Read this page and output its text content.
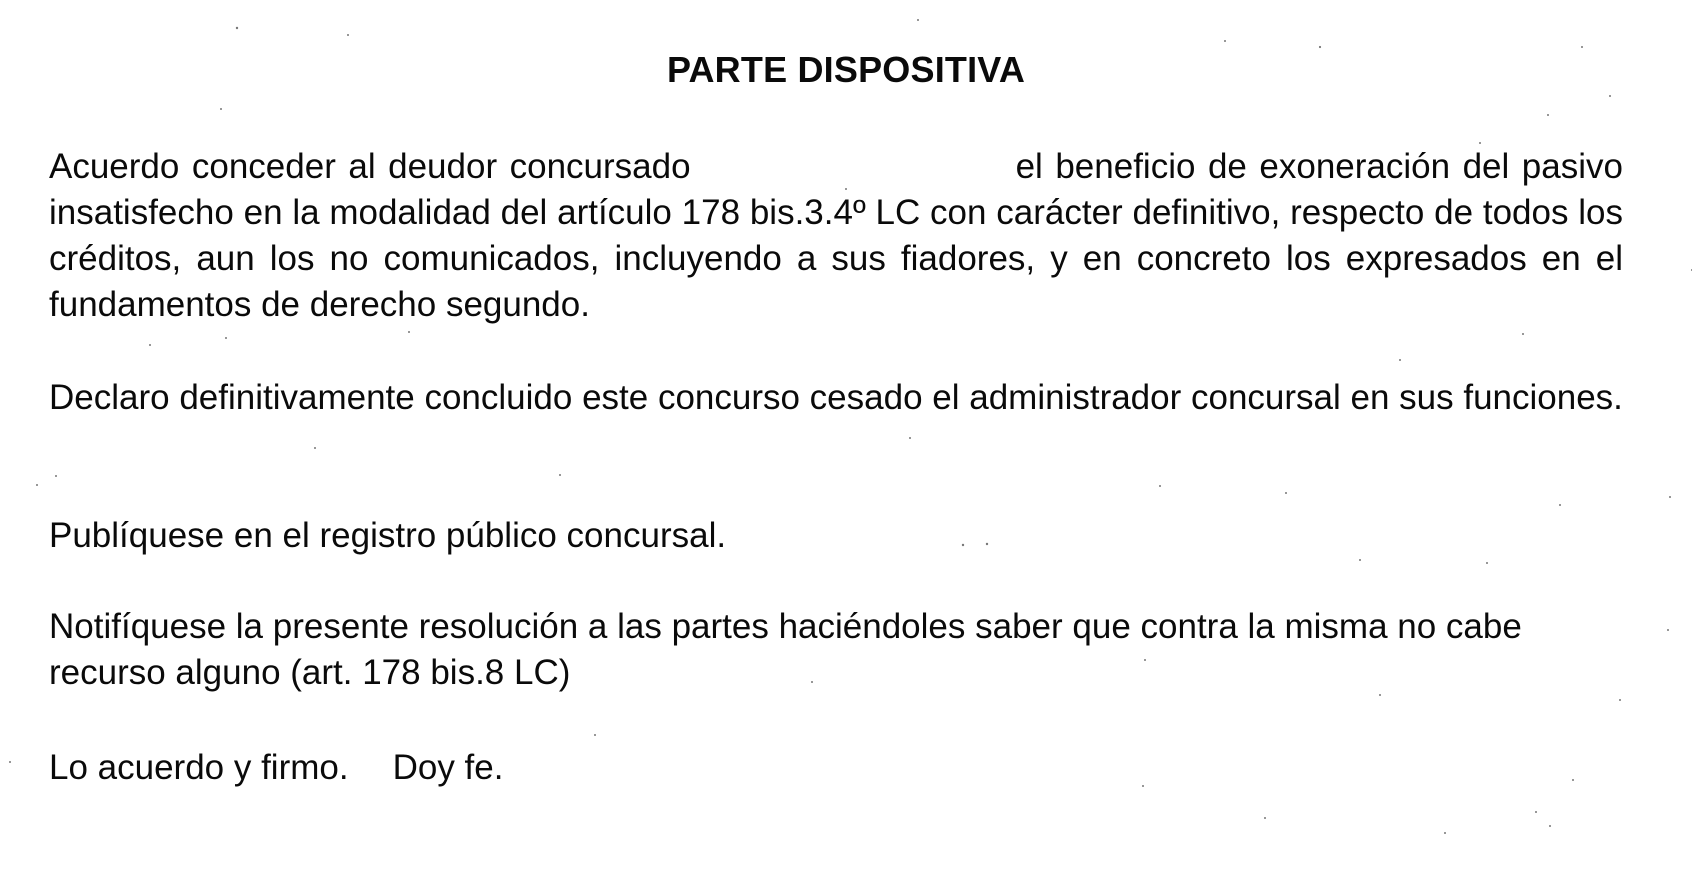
PARTE DISPOSITIVA

Acuerdo conceder al deudor concursado	el beneficio de exoneración del pasivo insatisfecho en la modalidad del artículo 178 bis.3.4º LC con carácter definitivo, respecto de todos los créditos, aun los no comunicados, incluyendo a sus fiadores, y en concreto los expresados en el fundamentos de derecho segundo.

Declaro definitivamente concluido este concurso cesado el administrador concursal en sus funciones.

Publíquese en el registro público concursal.

Notifíquese la presente resolución a las partes haciéndoles saber que contra la misma no cabe recurso alguno (art. 178 bis.8 LC)

Lo acuerdo y firmo. Doy fe.
